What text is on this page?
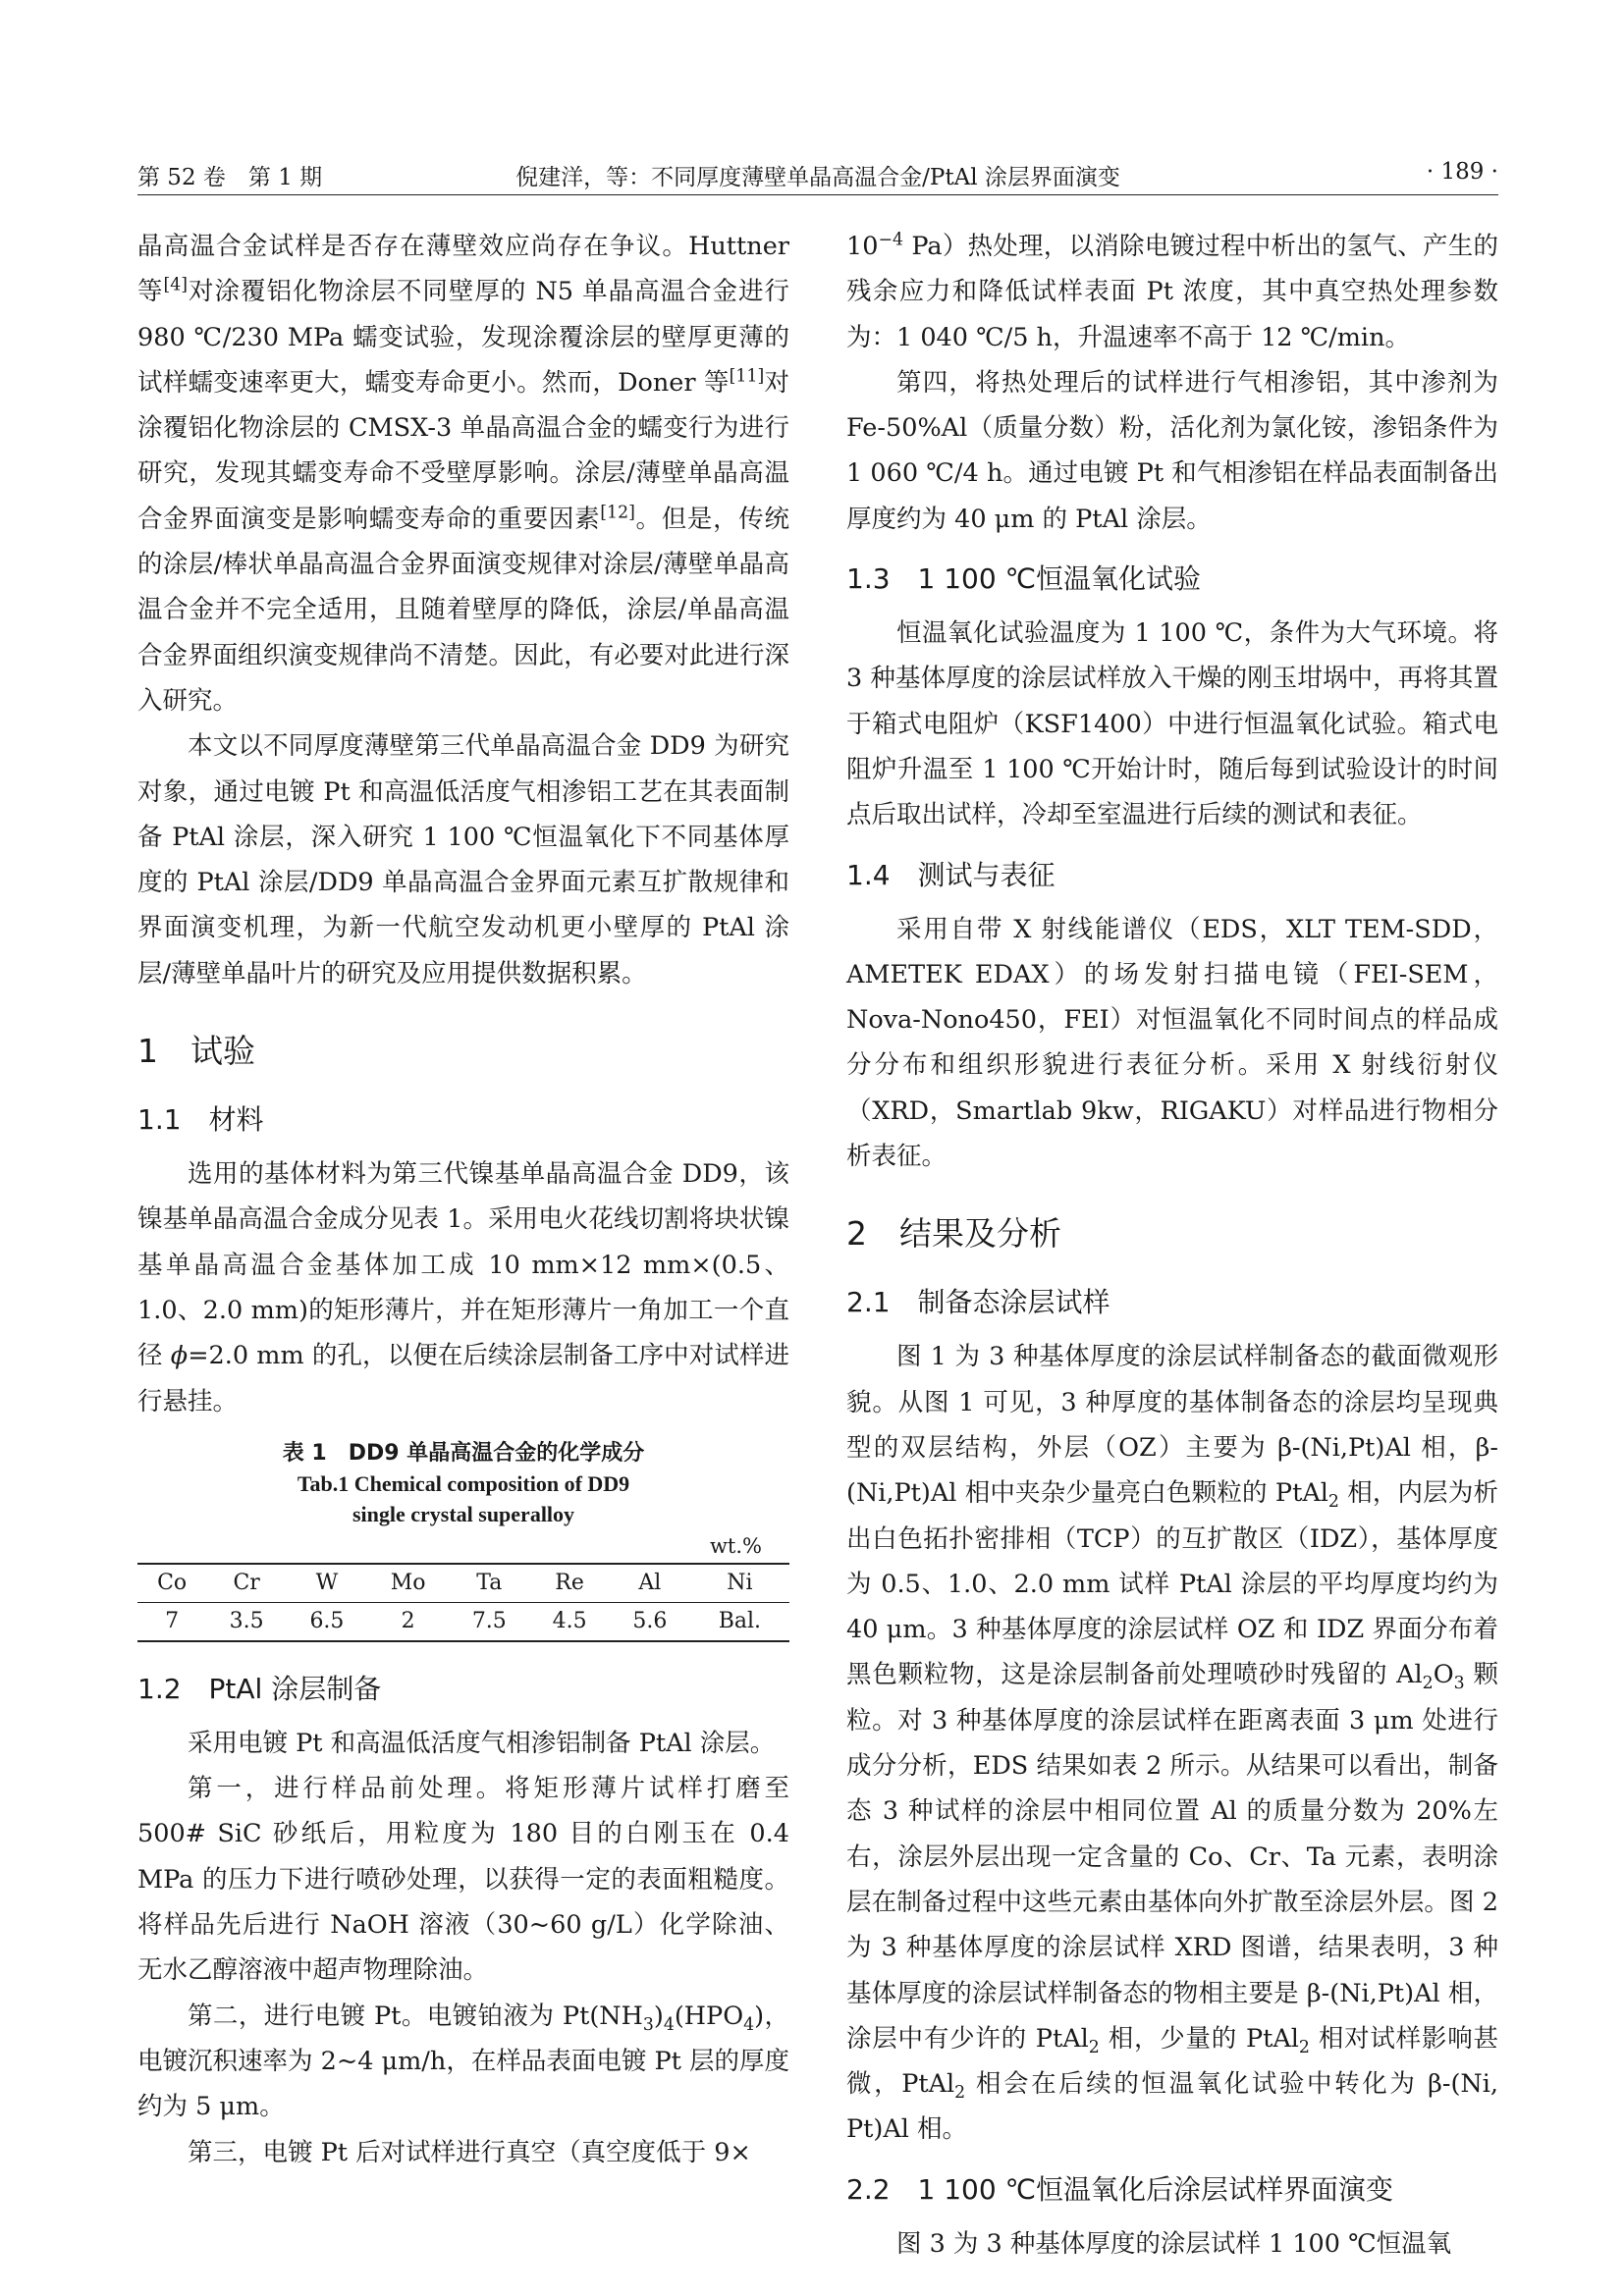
第 52 卷　第 1 期	倪建洋，等：不同厚度薄壁单晶高温合金/PtAl 涂层界面演变	· 189 ·

晶高温合金试样是否存在薄壁效应尚存在争议。Huttner 等[4]对涂覆铝化物涂层不同壁厚的 N5 单晶高温合金进行 980 ℃/230 MPa 蠕变试验，发现涂覆涂层的壁厚更薄的试样蠕变速率更大，蠕变寿命更小。然而，Doner 等[11]对涂覆铝化物涂层的 CMSX-3 单晶高温合金的蠕变行为进行研究，发现其蠕变寿命不受壁厚影响。涂层/薄壁单晶高温合金界面演变是影响蠕变寿命的重要因素[12]。但是，传统的涂层/棒状单晶高温合金界面演变规律对涂层/薄壁单晶高温合金并不完全适用，且随着壁厚的降低，涂层/单晶高温合金界面组织演变规律尚不清楚。因此，有必要对此进行深入研究。

本文以不同厚度薄壁第三代单晶高温合金 DD9 为研究对象，通过电镀 Pt 和高温低活度气相渗铝工艺在其表面制备 PtAl 涂层，深入研究 1 100 ℃恒温氧化下不同基体厚度的 PtAl 涂层/DD9 单晶高温合金界面元素互扩散规律和界面演变机理，为新一代航空发动机更小壁厚的 PtAl 涂层/薄壁单晶叶片的研究及应用提供数据积累。

1　试验
1.1　材料

选用的基体材料为第三代镍基单晶高温合金 DD9，该镍基单晶高温合金成分见表 1。采用电火花线切割将块状镍基单晶高温合金基体加工成 10 mm×12 mm×(0.5、1.0、2.0 mm)的矩形薄片，并在矩形薄片一角加工一个直径 ϕ=2.0 mm 的孔，以便在后续涂层制备工序中对试样进行悬挂。

表 1　DD9 单晶高温合金的化学成分
Tab.1 Chemical composition of DD9
single crystal superalloy
wt.%
Co	Cr	W	Mo	Ta	Re	Al	Ni
7	3.5	6.5	2	7.5	4.5	5.6	Bal.
1.2　PtAl 涂层制备

采用电镀 Pt 和高温低活度气相渗铝制备 PtAl 涂层。

第一，进行样品前处理。将矩形薄片试样打磨至 500# SiC 砂纸后，用粒度为 180 目的白刚玉在 0.4 MPa 的压力下进行喷砂处理，以获得一定的表面粗糙度。将样品先后进行 NaOH 溶液（30~60 g/L）化学除油、无水乙醇溶液中超声物理除油。

第二，进行电镀 Pt。电镀铂液为 $Pt(NH_3)_4(HPO_4)$，电镀沉积速率为 2~4 μm/h，在样品表面电镀 Pt 层的厚度约为 5 μm。

第三，电镀 Pt 后对试样进行真空（真空度低于 9×

$10^{-4}$ Pa）热处理，以消除电镀过程中析出的氢气、产生的残余应力和降低试样表面 Pt 浓度，其中真空热处理参数为：1 040 ℃/5 h，升温速率不高于 12 ℃/min。

第四，将热处理后的试样进行气相渗铝，其中渗剂为 Fe-50%Al（质量分数）粉，活化剂为氯化铵，渗铝条件为 1 060 ℃/4 h。通过电镀 Pt 和气相渗铝在样品表面制备出厚度约为 40 μm 的 PtAl 涂层。

1.3　1 100 ℃恒温氧化试验

恒温氧化试验温度为 1 100 ℃，条件为大气环境。将 3 种基体厚度的涂层试样放入干燥的刚玉坩埚中，再将其置于箱式电阻炉（KSF1400）中进行恒温氧化试验。箱式电阻炉升温至 1 100 ℃开始计时，随后每到试验设计的时间点后取出试样，冷却至室温进行后续的测试和表征。

1.4　测试与表征

采用自带 X 射线能谱仪（EDS，XLT TEM-SDD，AMETEK EDAX）的场发射扫描电镜（FEI-SEM，Nova-Nono450，FEI）对恒温氧化不同时间点的样品成分分布和组织形貌进行表征分析。采用 X 射线衍射仪（XRD，Smartlab 9kw，RIGAKU）对样品进行物相分析表征。

2　结果及分析
2.1　制备态涂层试样

图 1 为 3 种基体厚度的涂层试样制备态的截面微观形貌。从图 1 可见，3 种厚度的基体制备态的涂层均呈现典型的双层结构，外层（OZ）主要为 β-(Ni,Pt)Al 相，β-(Ni,Pt)Al 相中夹杂少量亮白色颗粒的 PtAl$_2$ 相，内层为析出白色拓扑密排相（TCP）的互扩散区（IDZ），基体厚度为 0.5、1.0、2.0 mm 试样 PtAl 涂层的平均厚度均约为 40 μm。3 种基体厚度的涂层试样 OZ 和 IDZ 界面分布着黑色颗粒物，这是涂层制备前处理喷砂时残留的 $Al_2O_3$ 颗粒。对 3 种基体厚度的涂层试样在距离表面 3 μm 处进行成分分析，EDS 结果如表 2 所示。从结果可以看出，制备态 3 种试样的涂层中相同位置 Al 的质量分数为 20%左右，涂层外层出现一定含量的 Co、Cr、Ta 元素，表明涂层在制备过程中这些元素由基体向外扩散至涂层外层。图 2 为 3 种基体厚度的涂层试样 XRD 图谱，结果表明，3 种基体厚度的涂层试样制备态的物相主要是 β-(Ni,Pt)Al 相，涂层中有少许的 PtAl$_2$ 相，少量的 PtAl$_2$ 相对试样影响甚微，PtAl$_2$ 相会在后续的恒温氧化试验中转化为 β-(Ni, Pt)Al 相。

2.2　1 100 ℃恒温氧化后涂层试样界面演变

图 3 为 3 种基体厚度的涂层试样 1 100 ℃恒温氧
